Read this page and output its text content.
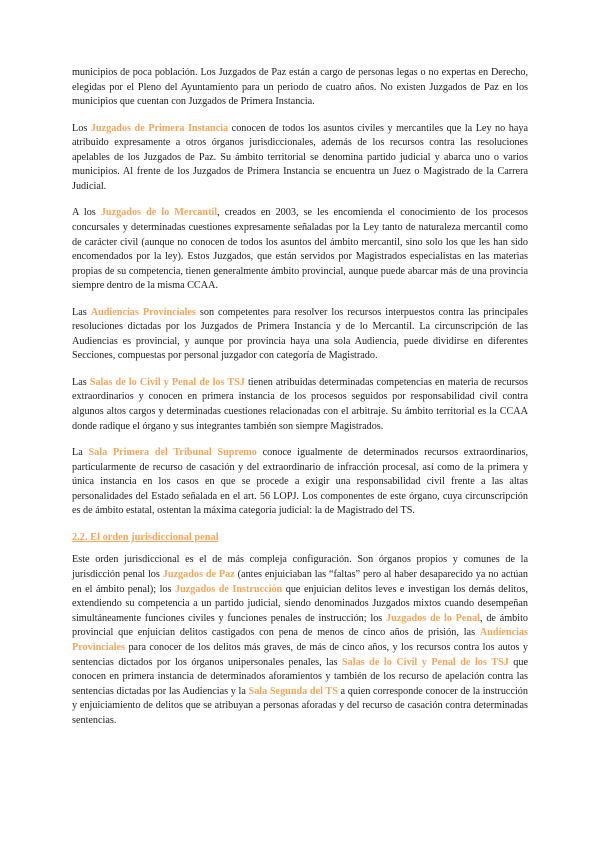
municipios de poca población. Los Juzgados de Paz están a cargo de personas legas o no expertas en Derecho, elegidas por el Pleno del Ayuntamiento para un periodo de cuatro años. No existen Juzgados de Paz en los municipios que cuentan con Juzgados de Primera Instancia.

Los Juzgados de Primera Instancia conocen de todos los asuntos civiles y mercantiles que la Ley no haya atribuido expresamente a otros órganos jurisdiccionales, además de los recursos contra las resoluciones apelables de los Juzgados de Paz. Su ámbito territorial se denomina partido judicial y abarca uno o varios municipios. Al frente de los Juzgados de Primera Instancia se encuentra un Juez o Magistrado de la Carrera Judicial.

A los Juzgados de lo Mercantil, creados en 2003, se les encomienda el conocimiento de los procesos concursales y determinadas cuestiones expresamente señaladas por la Ley tanto de naturaleza mercantil como de carácter civil (aunque no conocen de todos los asuntos del ámbito mercantil, sino solo los que les han sido encomendados por la ley). Estos Juzgados, que están servidos por Magistrados especialistas en las materias propias de su competencia, tienen generalmente ámbito provincial, aunque puede abarcar más de una provincia siempre dentro de la misma CCAA.

Las Audiencias Provinciales son competentes para resolver los recursos interpuestos contra las principales resoluciones dictadas por los Juzgados de Primera Instancia y de lo Mercantil. La circunscripción de las Audiencias es provincial, y aunque por provincia haya una sola Audiencia, puede dividirse en diferentes Secciones, compuestas por personal juzgador con categoría de Magistrado.

Las Salas de lo Civil y Penal de los TSJ tienen atribuidas determinadas competencias en materia de recursos extraordinarios y conocen en primera instancia de los procesos seguidos por responsabilidad civil contra algunos altos cargos y determinadas cuestiones relacionadas con el arbitraje. Su ámbito territorial es la CCAA donde radique el órgano y sus integrantes también son siempre Magistrados.

La Sala Primera del Tribunal Supremo conoce igualmente de determinados recursos extraordinarios, particularmente de recurso de casación y del extraordinario de infracción procesal, así como de la primera y única instancia en los casos en que se procede a exigir una responsabilidad civil frente a las altas personalidades del Estado señalada en el art. 56 LOPJ. Los componentes de este órgano, cuya circunscripción es de ámbito estatal, ostentan la máxima categoría judicial: la de Magistrado del TS.

2.2. El orden jurisdiccional penal

Este orden jurisdiccional es el de más compleja configuración. Son órganos propios y comunes de la jurisdicción penal los Juzgados de Paz (antes enjuiciaban las “faltas” pero al haber desaparecido ya no actúan en el ámbito penal); los Juzgados de Instrucción que enjuician delitos leves e investigan los demás delitos, extendiendo su competencia a un partido judicial, siendo denominados Juzgados mixtos cuando desempeñan simultáneamente funciones civiles y funciones penales de instrucción; los Juzgados de lo Penal, de ámbito provincial que enjuician delitos castigados con pena de menos de cinco años de prisión, las Audiencias Provinciales para conocer de los delitos más graves, de más de cinco años, y los recursos contra los autos y sentencias dictados por los órganos unipersonales penales, las Salas de lo Civil y Penal de los TSJ que conocen en primera instancia de determinados aforamientos y también de los recurso de apelación contra las sentencias dictadas por las Audiencias y la Sala Segunda del TS a quien corresponde conocer de la instrucción y enjuiciamiento de delitos que se atribuyan a personas aforadas y del recurso de casación contra determinadas sentencias.
